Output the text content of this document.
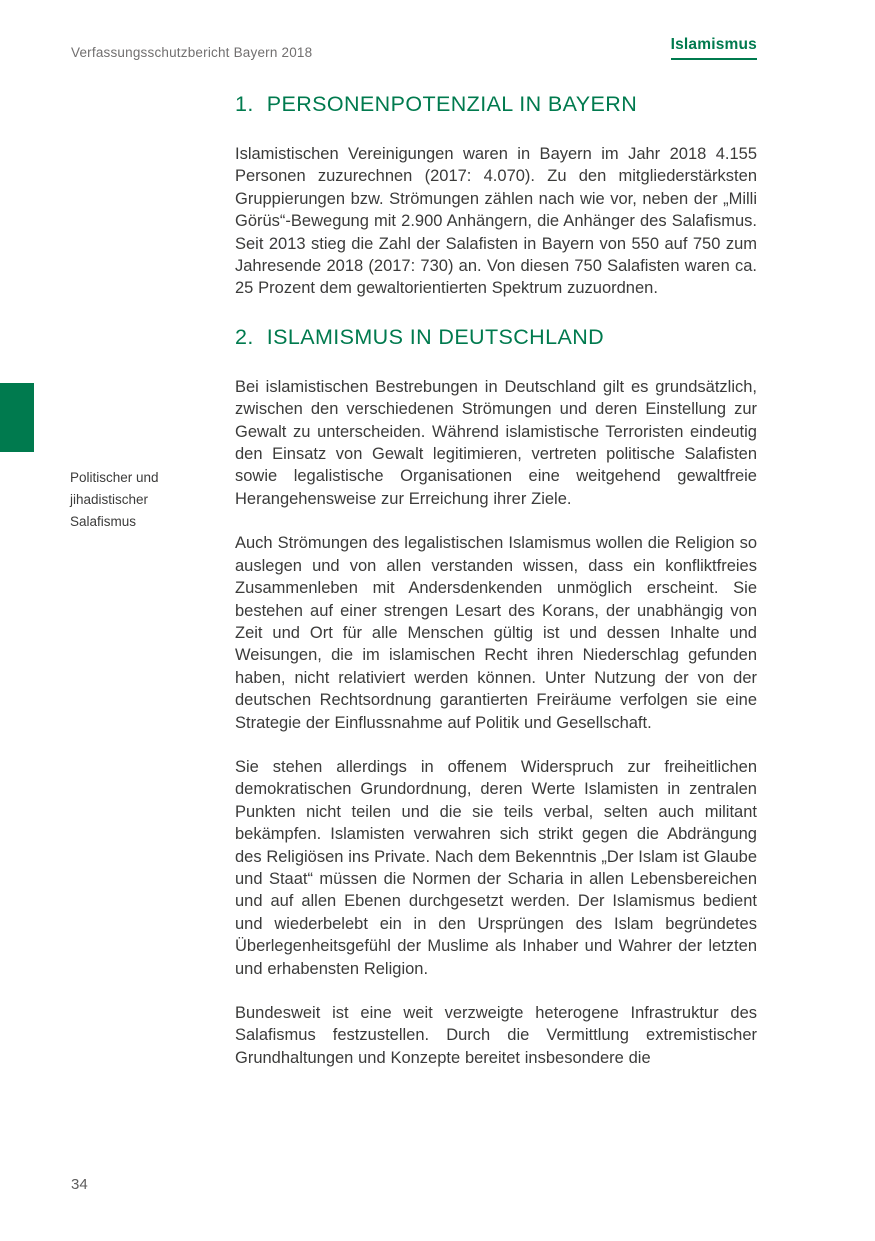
Verfassungsschutzbericht Bayern 2018	Islamismus
Politischer und
jihadistischer
Salafismus
1. PERSONENPOTENZIAL IN BAYERN

Islamistischen Vereinigungen waren in Bayern im Jahr 2018 4.155 Personen zuzurechnen (2017: 4.070). Zu den mitgliederstärksten Gruppierungen bzw. Strömungen zählen nach wie vor, neben der „Milli Görüs“-Bewegung mit 2.900 Anhängern, die Anhänger des Salafismus. Seit 2013 stieg die Zahl der Salafisten in Bayern von 550 auf 750 zum Jahresende 2018 (2017: 730) an. Von diesen 750 Salafisten waren ca. 25 Prozent dem gewaltorientierten Spektrum zuzuordnen.

2. ISLAMISMUS IN DEUTSCHLAND

Bei islamistischen Bestrebungen in Deutschland gilt es grundsätzlich, zwischen den verschiedenen Strömungen und deren Einstellung zur Gewalt zu unterscheiden. Während islamistische Terroristen eindeutig den Einsatz von Gewalt legitimieren, vertreten politische Salafisten sowie legalistische Organisationen eine weitgehend gewaltfreie Herangehensweise zur Erreichung ihrer Ziele.

Auch Strömungen des legalistischen Islamismus wollen die Religion so auslegen und von allen verstanden wissen, dass ein konfliktfreies Zusammenleben mit Andersdenkenden unmöglich erscheint. Sie bestehen auf einer strengen Lesart des Korans, der unabhängig von Zeit und Ort für alle Menschen gültig ist und dessen Inhalte und Weisungen, die im islamischen Recht ihren Niederschlag gefunden haben, nicht relativiert werden können. Unter Nutzung der von der deutschen Rechtsordnung garantierten Freiräume verfolgen sie eine Strategie der Einflussnahme auf Politik und Gesellschaft.

Sie stehen allerdings in offenem Widerspruch zur freiheitlichen demokratischen Grundordnung, deren Werte Islamisten in zentralen Punkten nicht teilen und die sie teils verbal, selten auch militant bekämpfen. Islamisten verwahren sich strikt gegen die Abdrängung des Religiösen ins Private. Nach dem Bekenntnis „Der Islam ist Glaube und Staat“ müssen die Normen der Scharia in allen Lebensbereichen und auf allen Ebenen durchgesetzt werden. Der Islamismus bedient und wiederbelebt ein in den Ursprüngen des Islam begründetes Überlegenheitsgefühl der Muslime als Inhaber und Wahrer der letzten und erhabensten Religion.

Bundesweit ist eine weit verzweigte heterogene Infrastruktur des Salafismus festzustellen. Durch die Vermittlung extremistischer Grundhaltungen und Konzepte bereitet insbesondere die

34
